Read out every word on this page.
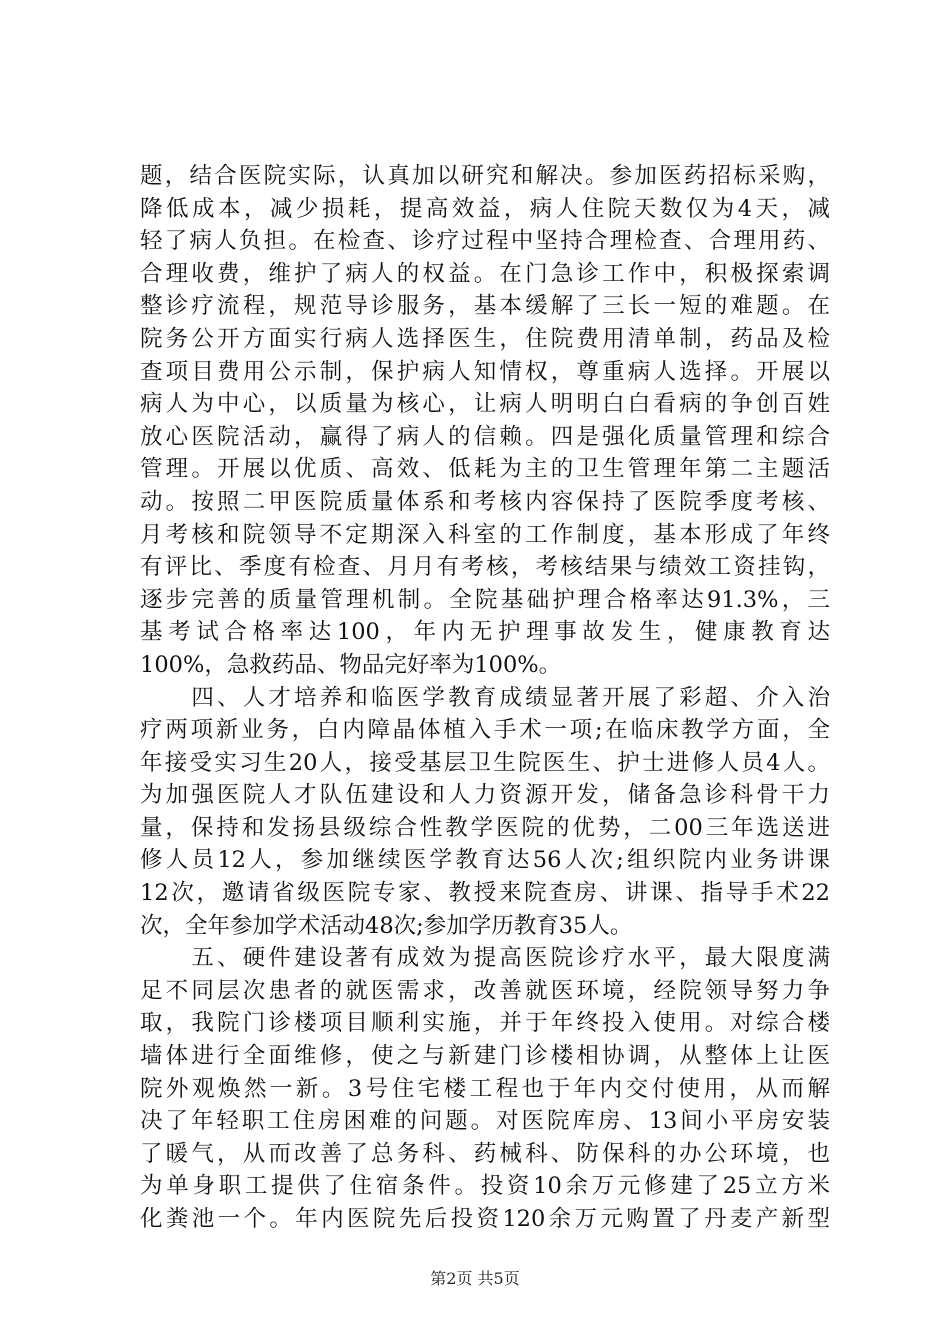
题，结合医院实际，认真加以研究和解决。参加医药招标采购，
降低成本，减少损耗，提高效益，病人住院天数仅为4天，减
轻了病人负担。在检查、诊疗过程中坚持合理检查、合理用药、
合理收费，维护了病人的权益。在门急诊工作中，积极探索调
整诊疗流程，规范导诊服务，基本缓解了三长一短的难题。在
院务公开方面实行病人选择医生，住院费用清单制，药品及检
查项目费用公示制，保护病人知情权，尊重病人选择。开展以
病人为中心，以质量为核心，让病人明明白白看病的争创百姓
放心医院活动，赢得了病人的信赖。四是强化质量管理和综合
管理。开展以优质、高效、低耗为主的卫生管理年第二主题活
动。按照二甲医院质量体系和考核内容保持了医院季度考核、
月考核和院领导不定期深入科室的工作制度，基本形成了年终
有评比、季度有检查、月月有考核，考核结果与绩效工资挂钩，
逐步完善的质量管理机制。全院基础护理合格率达91.3%，三
基考试合格率达100，年内无护理事故发生，健康教育达
100%，急救药品、物品完好率为100%。
　　四、人才培养和临医学教育成绩显著开展了彩超、介入治
疗两项新业务，白内障晶体植入手术一项;在临床教学方面，全
年接受实习生20人，接受基层卫生院医生、护士进修人员4人。
为加强医院人才队伍建设和人力资源开发，储备急诊科骨干力
量，保持和发扬县级综合性教学医院的优势，二00三年选送进
修人员12人，参加继续医学教育达56人次;组织院内业务讲课
12次，邀请省级医院专家、教授来院查房、讲课、指导手术22
次，全年参加学术活动48次;参加学历教育35人。
　　五、硬件建设著有成效为提高医院诊疗水平，最大限度满
足不同层次患者的就医需求，改善就医环境，经院领导努力争
取，我院门诊楼项目顺利实施，并于年终投入使用。对综合楼
墙体进行全面维修，使之与新建门诊楼相协调，从整体上让医
院外观焕然一新。3号住宅楼工程也于年内交付使用，从而解
决了年轻职工住房困难的问题。对医院库房、13间小平房安装
了暖气，从而改善了总务科、药械科、防保科的办公环境，也
为单身职工提供了住宿条件。投资10余万元修建了25立方米
化粪池一个。年内医院先后投资120余万元购置了丹麦产新型
第2页 共5页
